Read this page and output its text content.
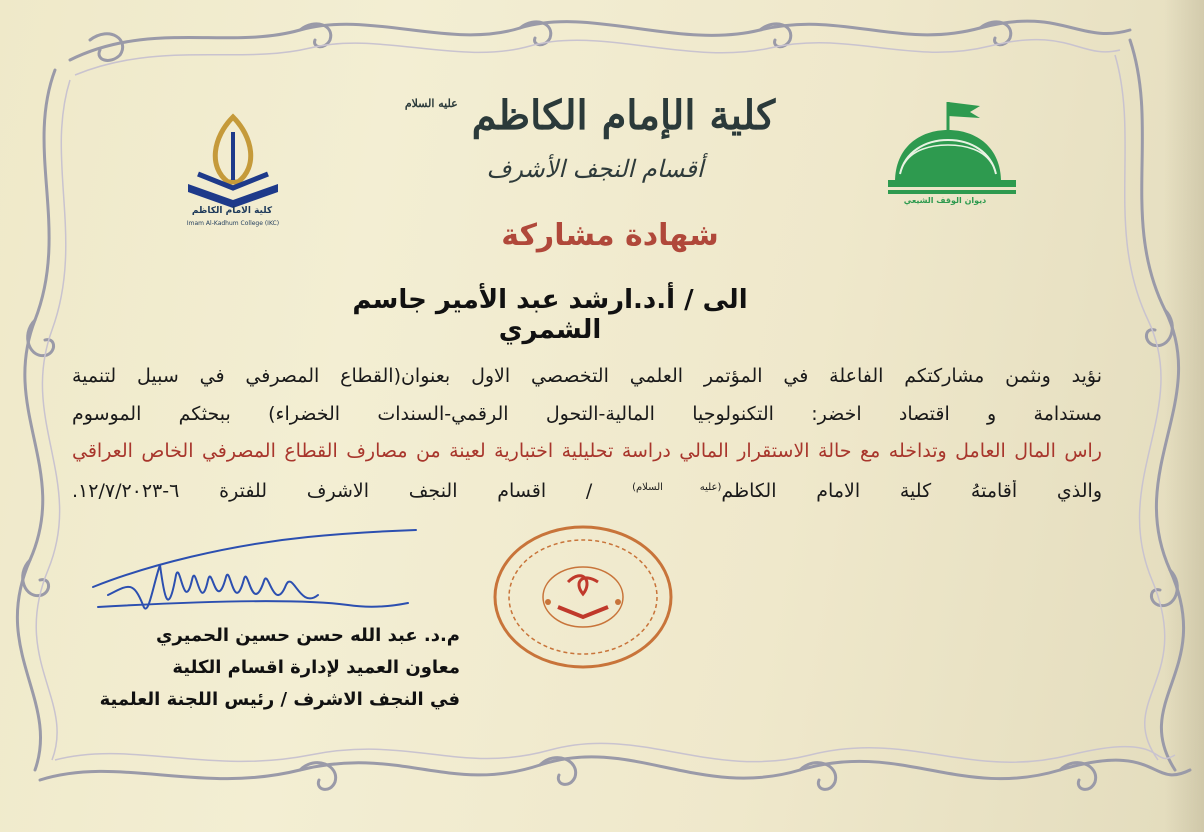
كلية الامام الكاظم
Imam Al-Kadhum College (IKC)
كلية الإمام الكاظم $^{عليه السلام}$
أقسام النجف الأشرف
ديوان الوقف الشيعي
شهادة مشاركة
الى / أ.د.ارشد عبد الأمير جاسم الشمري
نؤيد ونثمن مشاركتكم الفاعلة في المؤتمر العلمي التخصصي الاول بعنوان(القطاع المصرفي في سبيل لتنمية
مستدامة و اقتصاد اخضر: التكنولوجيا المالية-التحول الرقمي-السندات الخضراء) ببحثكم الموسوم
راس المال العامل وتداخله مع حالة الاستقرار المالي دراسة تحليلية اختبارية لعينة من مصارف القطاع المصرفي الخاص العراقي
والذي أقامتهُ كلية الامام الكاظم$^{(عليه السلام)}$ / اقسام النجف الاشرف للفترة ٦-١٢/٧/٢٠٢٣.
م.د. عبد الله حسن حسين الحميري
معاون العميد لإدارة اقسام الكلية
في النجف الاشرف / رئيس اللجنة العلمية
